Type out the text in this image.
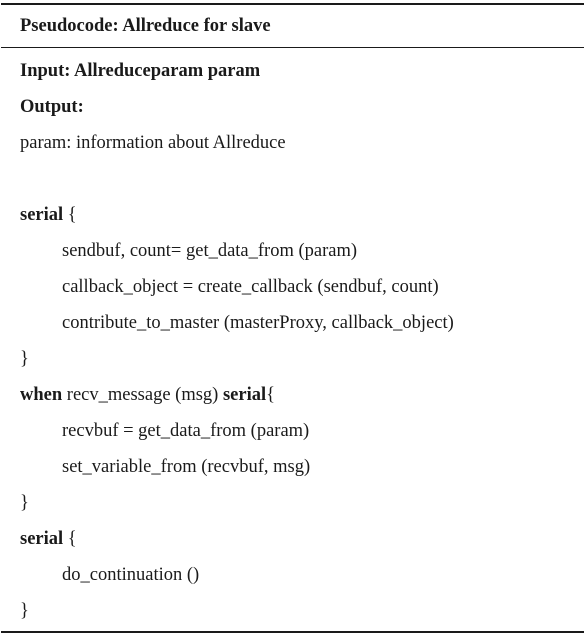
Pseudocode: Allreduce for slave
Input: Allreduceparam param
Output:
param: information about Allreduce
serial {
sendbuf, count= get_data_from (param)
callback_object = create_callback (sendbuf, count)
contribute_to_master (masterProxy, callback_object)
}
when recv_message (msg) serial{
recvbuf = get_data_from (param)
set_variable_from (recvbuf, msg)
}
serial {
do_continuation ()
}
